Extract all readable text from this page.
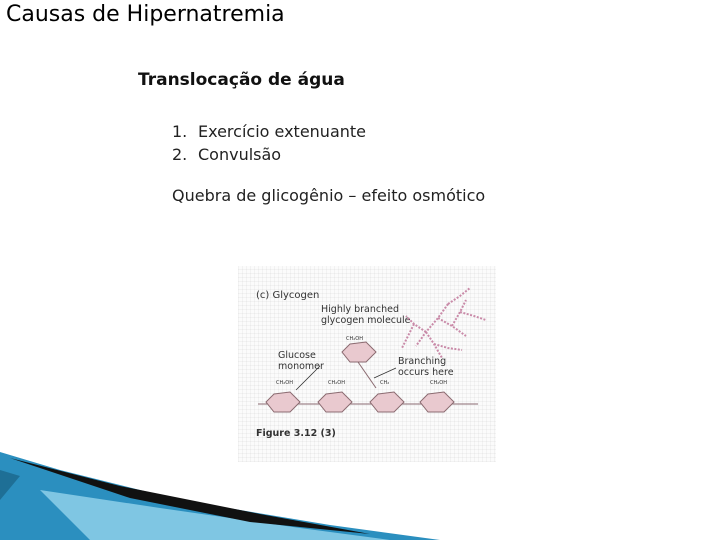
Causas de Hipernatremia
Translocação de água
1. Exercício extenuante
2. Convulsão
Quebra de glicogênio – efeito osmótico
(c) Glycogen
Highly branched
glycogen molecule
CH₂OH
Glucose
monomer	Branching
occurs here
CH₂OH	CH₂OH	CH₂	CH₂OH
Figure 3.12 (3)
